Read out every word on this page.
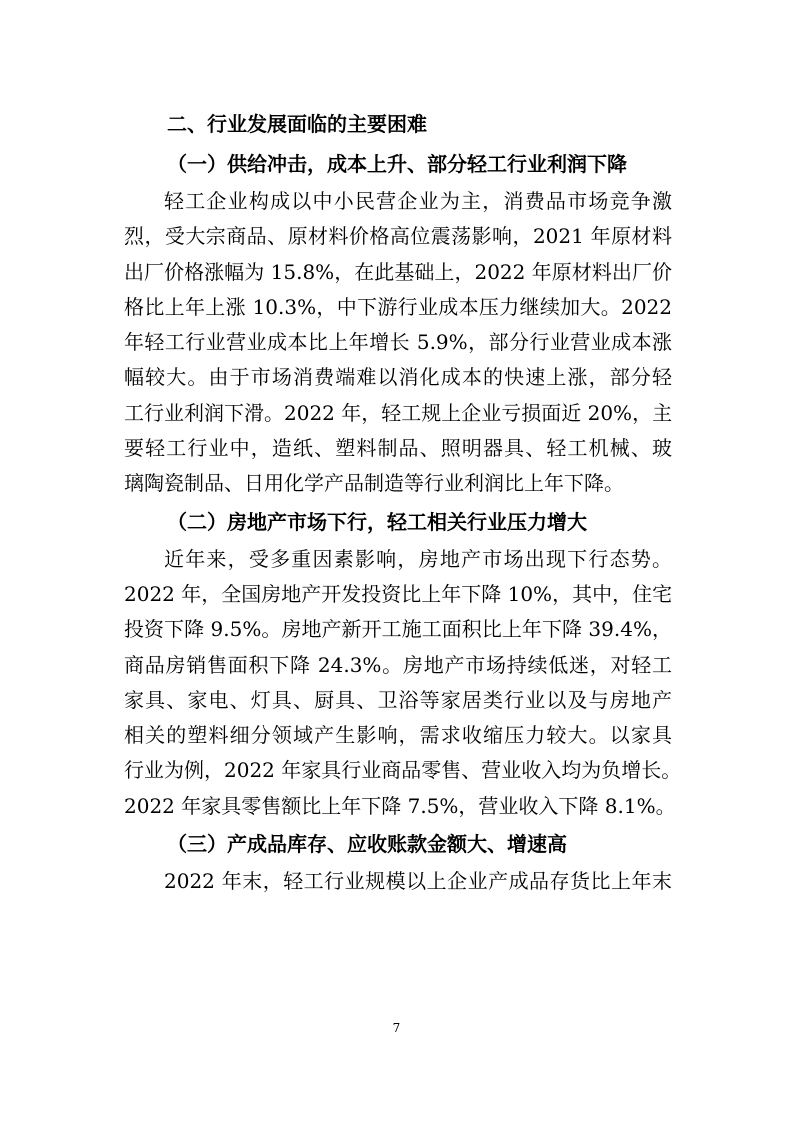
二、行业发展面临的主要困难
（一）供给冲击，成本上升、部分轻工行业利润下降
轻工企业构成以中小民营企业为主，消费品市场竞争激
烈，受大宗商品、原材料价格高位震荡影响，2021 年原材料
出厂价格涨幅为 15.8%，在此基础上，2022 年原材料出厂价
格比上年上涨 10.3%，中下游行业成本压力继续加大。2022
年轻工行业营业成本比上年增长 5.9%，部分行业营业成本涨
幅较大。由于市场消费端难以消化成本的快速上涨，部分轻
工行业利润下滑。2022 年，轻工规上企业亏损面近 20%，主
要轻工行业中，造纸、塑料制品、照明器具、轻工机械、玻
璃陶瓷制品、日用化学产品制造等行业利润比上年下降。
（二）房地产市场下行，轻工相关行业压力增大
近年来，受多重因素影响，房地产市场出现下行态势。
2022 年，全国房地产开发投资比上年下降 10%，其中，住宅
投资下降 9.5%。房地产新开工施工面积比上年下降 39.4%，
商品房销售面积下降 24.3%。房地产市场持续低迷，对轻工
家具、家电、灯具、厨具、卫浴等家居类行业以及与房地产
相关的塑料细分领域产生影响，需求收缩压力较大。以家具
行业为例，2022 年家具行业商品零售、营业收入均为负增长。
2022 年家具零售额比上年下降 7.5%，营业收入下降 8.1%。
（三）产成品库存、应收账款金额大、增速高
2022 年末，轻工行业规模以上企业产成品存货比上年末
7
